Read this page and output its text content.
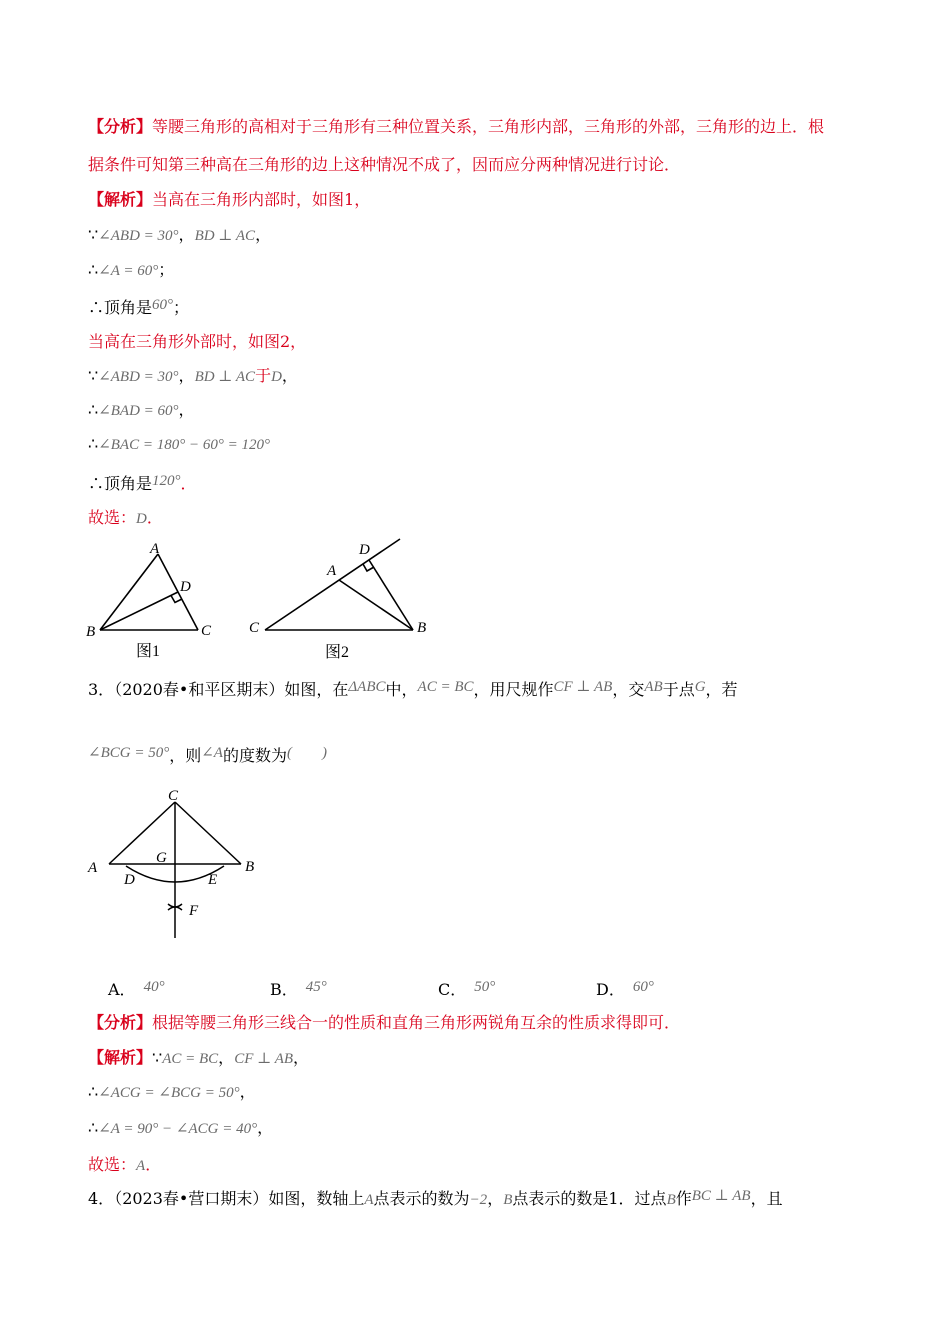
【分析】等腰三角形的高相对于三角形有三种位置关系，三角形内部，三角形的外部，三角形的边上．根
据条件可知第三种高在三角形的边上这种情况不成了，因而应分两种情况进行讨论．
【解析】当高在三角形内部时，如图1，
∵∠ABD = 30°，BD ⊥ AC，
∴∠A = 60°；
∴顶角是60°；
当高在三角形外部时，如图2，
∵∠ABD = 30°，BD ⊥ AC于D，
∴∠BAD = 60°，
∴∠BAC = 180° − 60° = 120°
∴顶角是120°．
故选：D．
A
D
B	C
图1
D
A
C	B
图2
3．（2020春•和平区期末）如图，在ΔABC中，AC = BC，用尺规作CF ⊥ AB，交AB于点G，若
∠BCG = 50°，则∠A的度数为(　　)
C
A	B
G
D	E
F
A． 40°	B． 45°	C． 50°	D． 60°
【分析】根据等腰三角形三线合一的性质和直角三角形两锐角互余的性质求得即可．
【解析】∵AC = BC，CF ⊥ AB，
∴∠ACG = ∠BCG = 50°，
∴∠A = 90° − ∠ACG = 40°，
故选：A．
4．（2023春•营口期末）如图，数轴上A点表示的数为−2，B点表示的数是1．过点B作BC ⊥ AB，且
